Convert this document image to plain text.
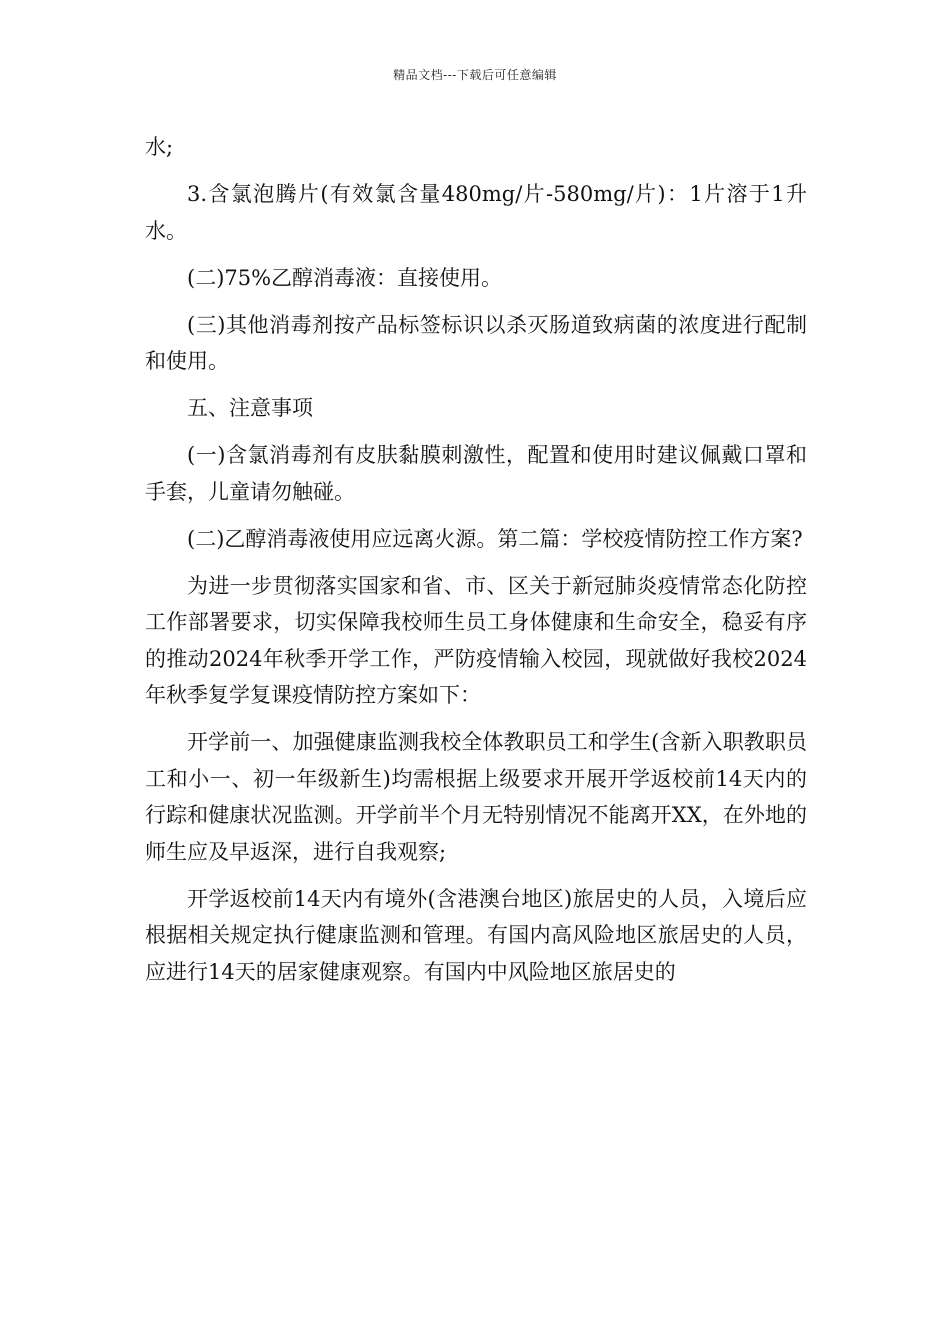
精品文档---下载后可任意编辑

水;

3.含氯泡腾片(有效氯含量480mg/片-580mg/片)：1片溶于1升水。

(二)75%乙醇消毒液：直接使用。

(三)其他消毒剂按产品标签标识以杀灭肠道致病菌的浓度进行配制和使用。

五、注意事项

(一)含氯消毒剂有皮肤黏膜刺激性，配置和使用时建议佩戴口罩和手套，儿童请勿触碰。

(二)乙醇消毒液使用应远离火源。第二篇：学校疫情防控工作方案?

为进一步贯彻落实国家和省、市、区关于新冠肺炎疫情常态化防控工作部署要求，切实保障我校师生员工身体健康和生命安全，稳妥有序的推动2024年秋季开学工作，严防疫情输入校园，现就做好我校2024年秋季复学复课疫情防控方案如下：

开学前一、加强健康监测我校全体教职员工和学生(含新入职教职员工和小一、初一年级新生)均需根据上级要求开展开学返校前14天内的行踪和健康状况监测。开学前半个月无特别情况不能离开XX，在外地的师生应及早返深，进行自我观察;

开学返校前14天内有境外(含港澳台地区)旅居史的人员，入境后应根据相关规定执行健康监测和管理。有国内高风险地区旅居史的人员，应进行14天的居家健康观察。有国内中风险地区旅居史的
